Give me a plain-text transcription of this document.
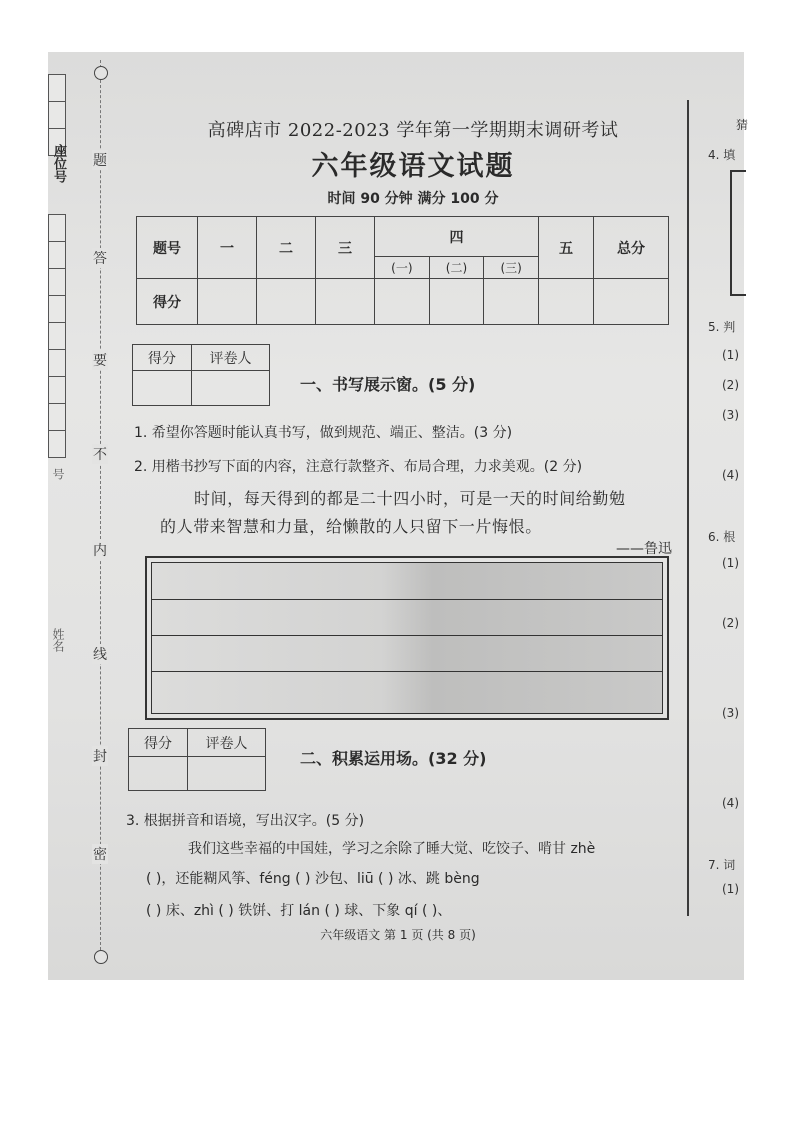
座位号
号
姓名
题
答
要
不
内
线
封
密
高碑店市 2022-2023 学年第一学期期末调研考试
六年级语文试题
时间 90 分钟 满分 100 分
题号	一	二	三	四			五	总分
				(一)	(二)	(三)		
得分								
得分	评卷人

一、书写展示窗。(5 分)
1. 希望你答题时能认真书写，做到规范、端正、整洁。(3 分)
2. 用楷书抄写下面的内容，注意行款整齐、布局合理，力求美观。(2 分)
时间，每天得到的都是二十四小时，可是一天的时间给勤勉
的人带来智慧和力量，给懒散的人只留下一片悔恨。
——鲁迅
得分	评卷人

二、积累运用场。(32 分)
3. 根据拼音和语境，写出汉字。(5 分)
我们这些幸福的中国娃，学习之余除了睡大觉、吃饺子、啃甘 zhè
( )，还能糊风筝、féng ( ) 沙包、liū ( ) 冰、跳 bèng
( ) 床、zhì ( ) 铁饼、打 lán ( ) 球、下象 qí ( )、
六年级语文 第 1 页 (共 8 页)
猜
4. 填
5. 判
(1)
(2)
(3)
(4)
6. 根
(1)
(2)
(3)
(4)
7. 词
(1)
